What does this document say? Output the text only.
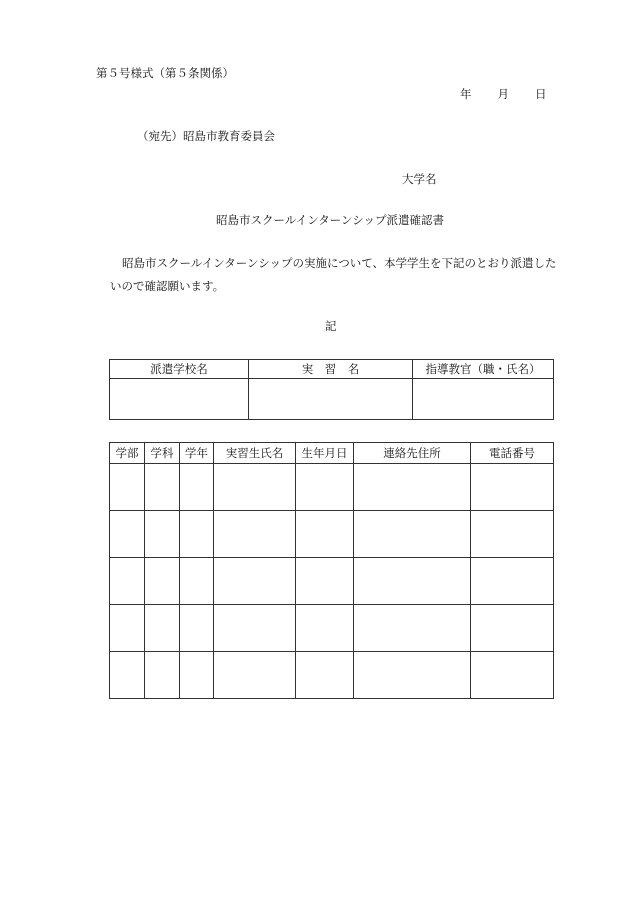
第５号様式（第５条関係）
年 月 日
（宛先）昭島市教育委員会
大学名
昭島市スクールインターンシップ派遣確認書
昭島市スクールインターンシップの実施について、本学学生を下記のとおり派遣した
いので確認願います。
記
派遣学校名	実　習　名	指導教官（職・氏名）

学部	学科	学年	実習生氏名	生年月日	連絡先住所	電話番号
